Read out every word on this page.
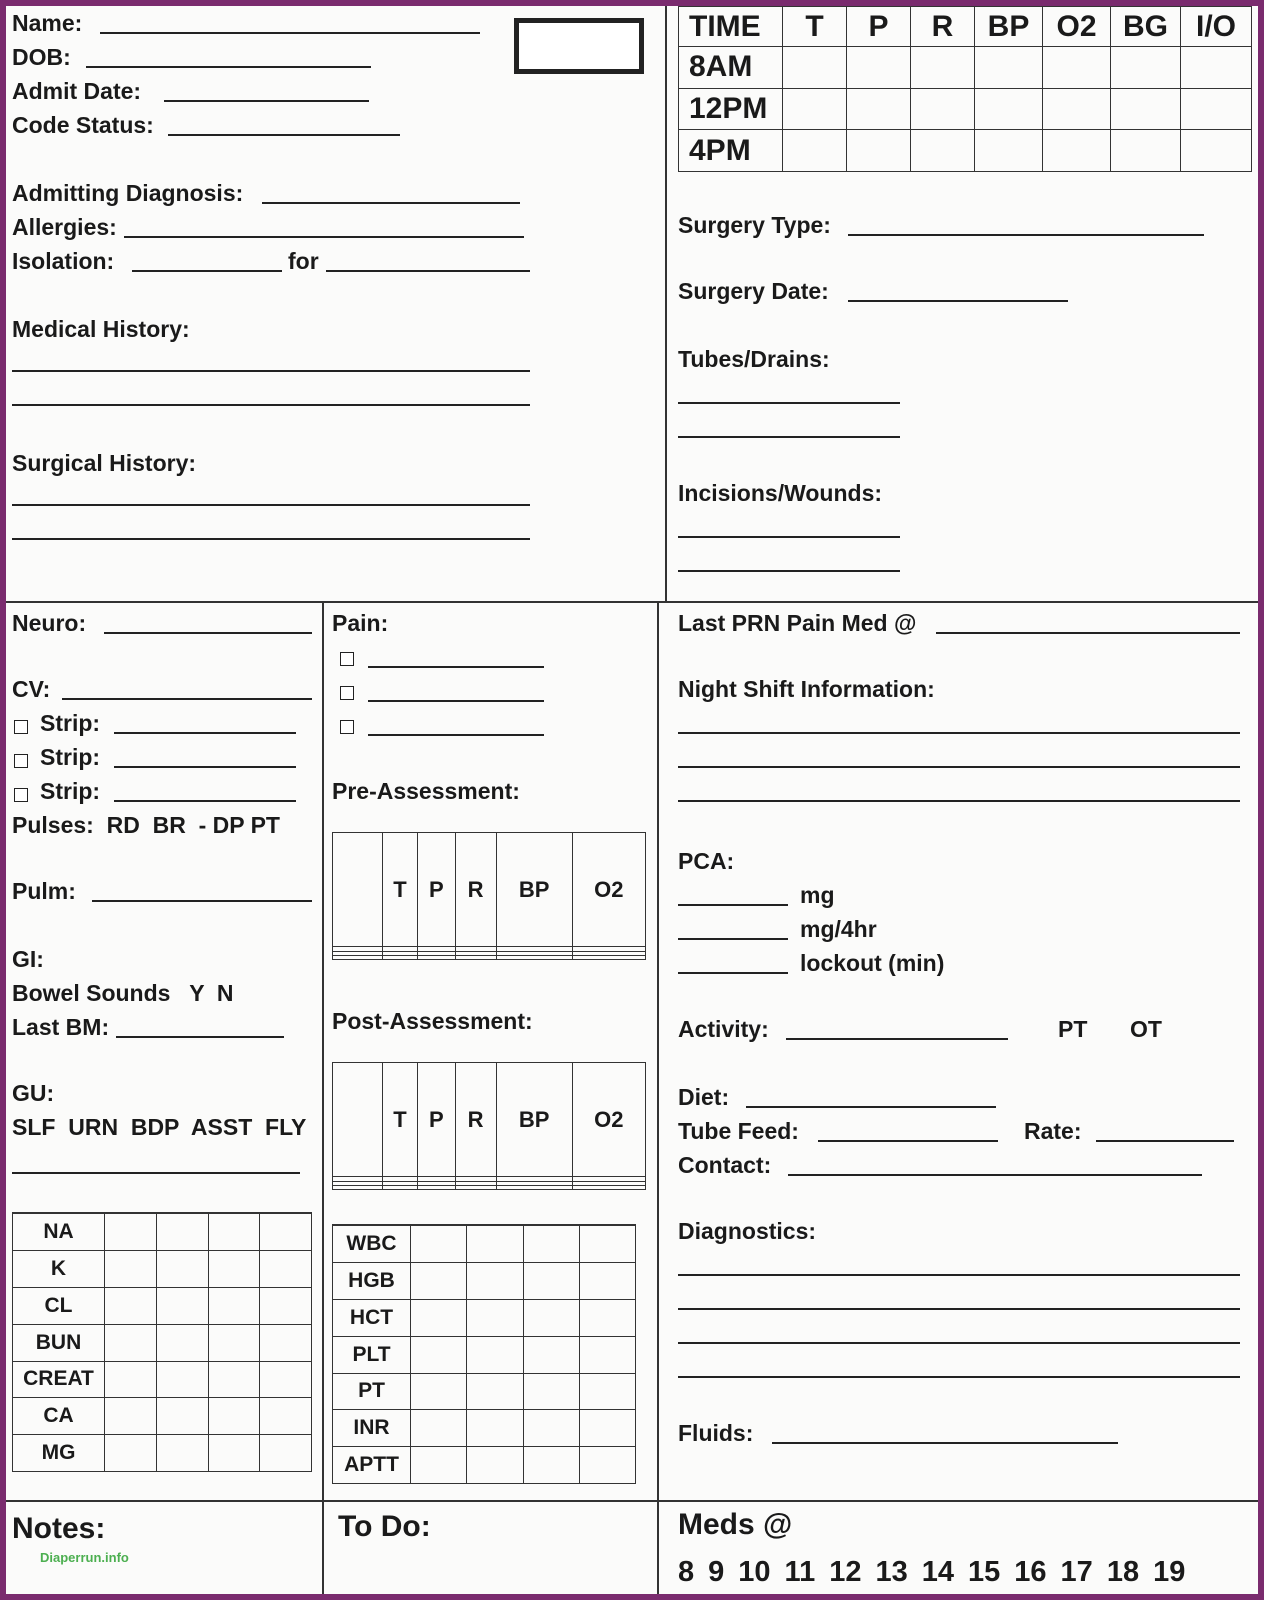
Name:
DOB:
Admit Date:
Code Status:
Admitting Diagnosis:
Allergies:
Isolation:	for
Medical History:
Surgical History:
TIME	T	P	R	BP	O2	BG	I/O
8AM							
12PM							
4PM							
Surgery Type:
Surgery Date:
Tubes/Drains:
Incisions/Wounds:
Neuro:
CV:
Strip:
Strip:
Strip:
Pulses:  RD  BR  - DP PT
Pulm:
GI:
Bowel Sounds   Y  N
Last BM:
GU:
SLF  URN  BDP  ASST  FLY

NA				
K				
CL				
BUN				
CREAT				
CA				
MG				
Pain:
Pre-Assessment:
	T	P	R	BP	O2

Post-Assessment:
	T	P	R	BP	O2

WBC				
HGB				
HCT				
PLT				
PT				
INR				
APTT				
Last PRN Pain Med @
Night Shift Information:
PCA:
mg
mg/4hr
lockout (min)
Activity:	PT OT
Diet:
Tube Feed:	Rate:
Contact:
Diagnostics:
Fluids:
Notes:
Diaperrun.info
To Do:	Meds @
8 9 10 11 12 13 14 15 16 17 18 19
